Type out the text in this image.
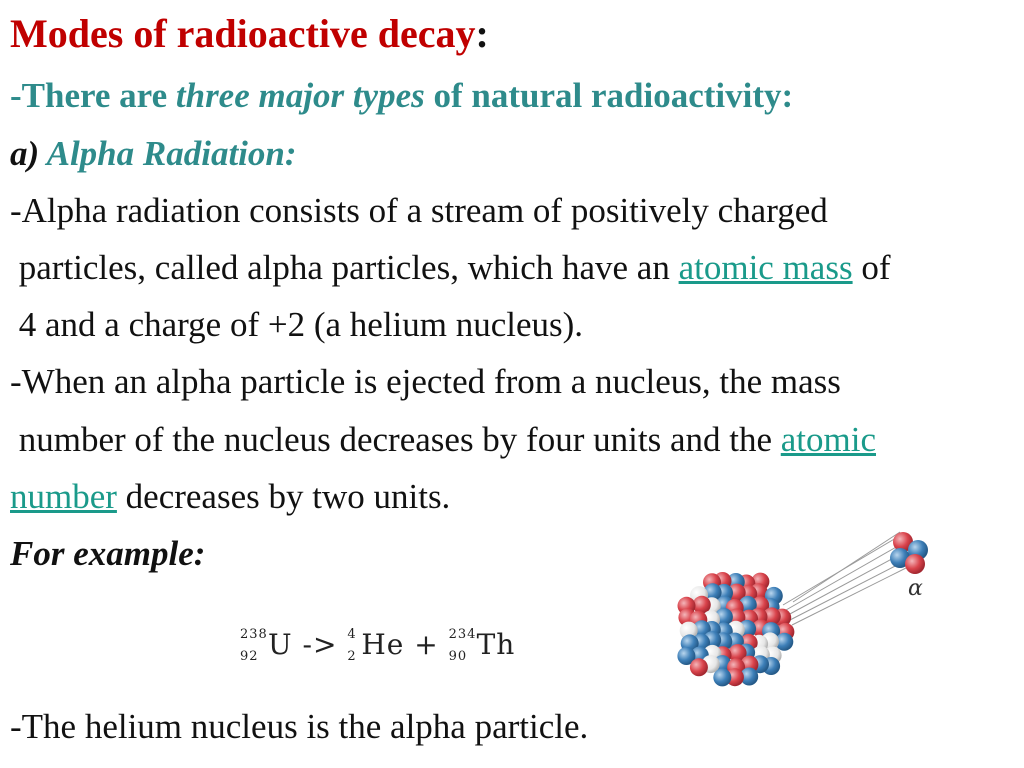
Modes of radioactive decay:
-There are three major types of natural radioactivity:
a) Alpha Radiation:
-Alpha radiation consists of a stream of positively charged
particles, called alpha particles, which have an atomic mass of
4 and a charge of +2 (a helium nucleus).
-When an alpha particle is ejected from a nucleus, the mass
number of the nucleus decreases by four units and the atomic
number decreases by two units.
For example:
238
92 U -> 4
2 He + 234
90 Th
α
-The helium nucleus is the alpha particle.
